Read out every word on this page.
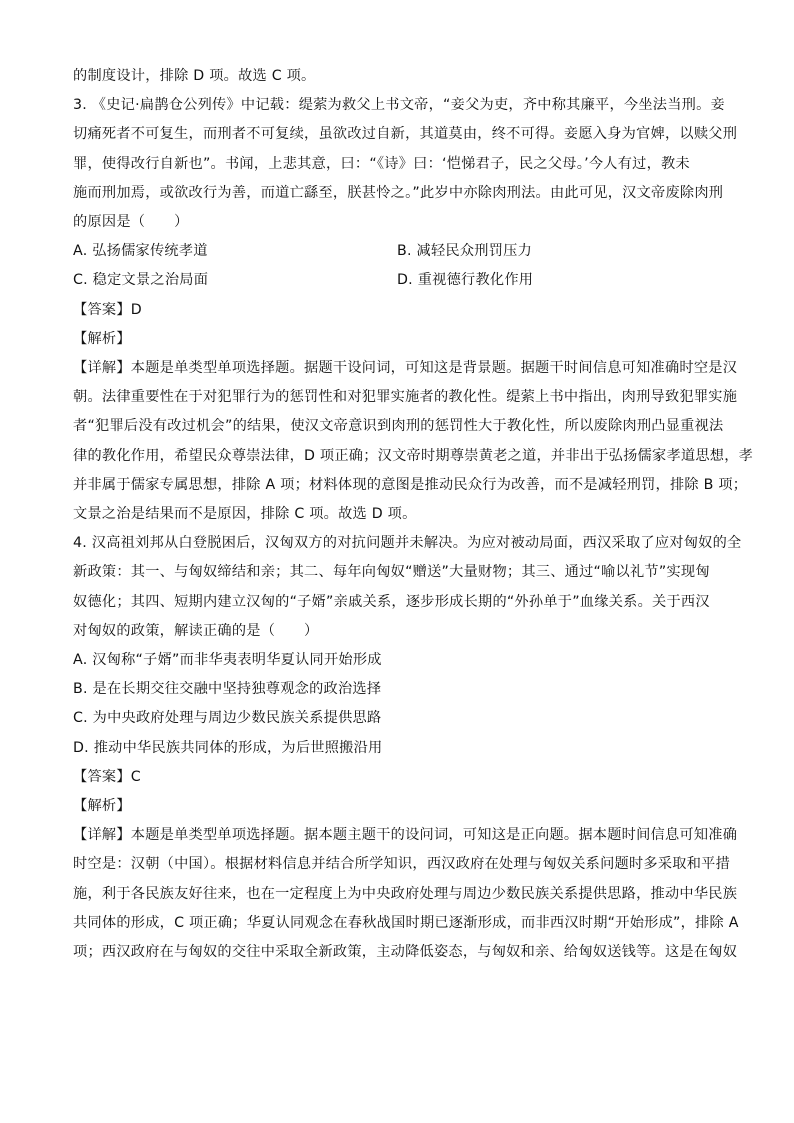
的制度设计，排除 D 项。故选 C 项。

3. 《史记·扁鹊仓公列传》中记载：缇萦为救父上书文帝，“妾父为吏，齐中称其廉平，今坐法当刑。妾

切痛死者不可复生，而刑者不可复续，虽欲改过自新，其道莫由，终不可得。妾愿入身为官婢，以赎父刑

罪，使得改行自新也”。书闻，上悲其意，曰：“《诗》曰：‘恺悌君子，民之父母。’今人有过，教未

施而刑加焉，或欲改行为善，而道亡繇至，朕甚怜之。”此岁中亦除肉刑法。由此可见，汉文帝废除肉刑

的原因是（　　）

A. 弘扬儒家传统孝道	B. 减轻民众刑罚压力
C. 稳定文景之治局面	D. 重视德行教化作用

【答案】D

【解析】

【详解】本题是单类型单项选择题。据题干设问词，可知这是背景题。据题干时间信息可知准确时空是汉

朝。法律重要性在于对犯罪行为的惩罚性和对犯罪实施者的教化性。缇萦上书中指出，肉刑导致犯罪实施

者“犯罪后没有改过机会”的结果，使汉文帝意识到肉刑的惩罚性大于教化性，所以废除肉刑凸显重视法

律的教化作用，希望民众尊崇法律，D 项正确；汉文帝时期尊崇黄老之道，并非出于弘扬儒家孝道思想，孝

并非属于儒家专属思想，排除 A 项；材料体现的意图是推动民众行为改善，而不是减轻刑罚，排除 B 项；

文景之治是结果而不是原因，排除 C 项。故选 D 项。

4. 汉高祖刘邦从白登脱困后，汉匈双方的对抗问题并未解决。为应对被动局面，西汉采取了应对匈奴的全

新政策：其一、与匈奴缔结和亲；其二、每年向匈奴“赠送”大量财物；其三、通过“喻以礼节”实现匈

奴德化；其四、短期内建立汉匈的“子婿”亲戚关系，逐步形成长期的“外孙单于”血缘关系。关于西汉

对匈奴的政策，解读正确的是（　　）

A. 汉匈称“子婿”而非华夷表明华夏认同开始形成

B. 是在长期交往交融中坚持独尊观念的政治选择

C. 为中央政府处理与周边少数民族关系提供思路

D. 推动中华民族共同体的形成，为后世照搬沿用

【答案】C

【解析】

【详解】本题是单类型单项选择题。据本题主题干的设问词，可知这是正向题。据本题时间信息可知准确

时空是：汉朝（中国）。根据材料信息并结合所学知识，西汉政府在处理与匈奴关系问题时多采取和平措

施，利于各民族友好往来，也在一定程度上为中央政府处理与周边少数民族关系提供思路，推动中华民族

共同体的形成，C 项正确；华夏认同观念在春秋战国时期已逐渐形成，而非西汉时期“开始形成”，排除 A

项；西汉政府在与匈奴的交往中采取全新政策，主动降低姿态，与匈奴和亲、给匈奴送钱等。这是在匈奴
